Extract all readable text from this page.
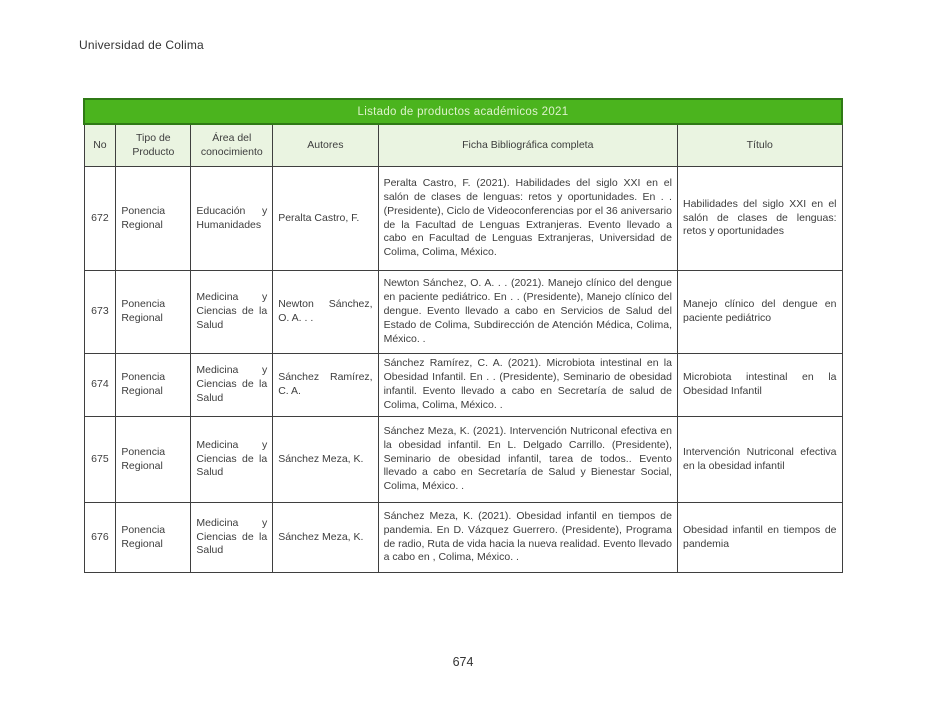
Universidad de Colima
Listado de productos académicos 2021					
No	Tipo de Producto	Área del conocimiento	Autores	Ficha Bibliográfica completa	Título
672	Ponencia Regional	Educación y Humanidades	Peralta Castro, F.	Peralta Castro, F. (2021). Habilidades del siglo XXI en el salón de clases de lenguas: retos y oportunidades. En . . (Presidente), Ciclo de Videoconferencias por el 36 aniversario de la Facultad de Lenguas Extranjeras. Evento llevado a cabo en Facultad de Lenguas Extranjeras, Universidad de Colima, Colima, México.	Habilidades del siglo XXI en el salón de clases de lenguas: retos y oportunidades
673	Ponencia Regional	Medicina y Ciencias de la Salud	Newton Sánchez, O. A. . .	Newton Sánchez, O. A. . . (2021). Manejo clínico del dengue en paciente pediátrico. En . . (Presidente), Manejo clínico del dengue. Evento llevado a cabo en Servicios de Salud del Estado de Colima, Subdirección de Atención Médica, Colima, México. .	Manejo clínico del dengue en paciente pediátrico
674	Ponencia Regional	Medicina y Ciencias de la Salud	Sánchez Ramírez, C. A.	Sánchez Ramírez, C. A. (2021). Microbiota intestinal en la Obesidad Infantil. En . . (Presidente), Seminario de obesidad infantil. Evento llevado a cabo en Secretaría de salud de Colima, Colima, México. .	Microbiota intestinal en la Obesidad Infantil
675	Ponencia Regional	Medicina y Ciencias de la Salud	Sánchez Meza, K.	Sánchez Meza, K. (2021). Intervención Nutriconal efectiva en la obesidad infantil. En L. Delgado Carrillo. (Presidente), Seminario de obesidad infantil, tarea de todos.. Evento llevado a cabo en Secretaría de Salud y Bienestar Social, Colima, México. .	Intervención Nutriconal efectiva en la obesidad infantil
676	Ponencia Regional	Medicina y Ciencias de la Salud	Sánchez Meza, K.	Sánchez Meza, K. (2021). Obesidad infantil en tiempos de pandemia. En D. Vázquez Guerrero. (Presidente), Programa de radio, Ruta de vida hacia la nueva realidad. Evento llevado a cabo en , Colima, México. .	Obesidad infantil en tiempos de pandemia
674
